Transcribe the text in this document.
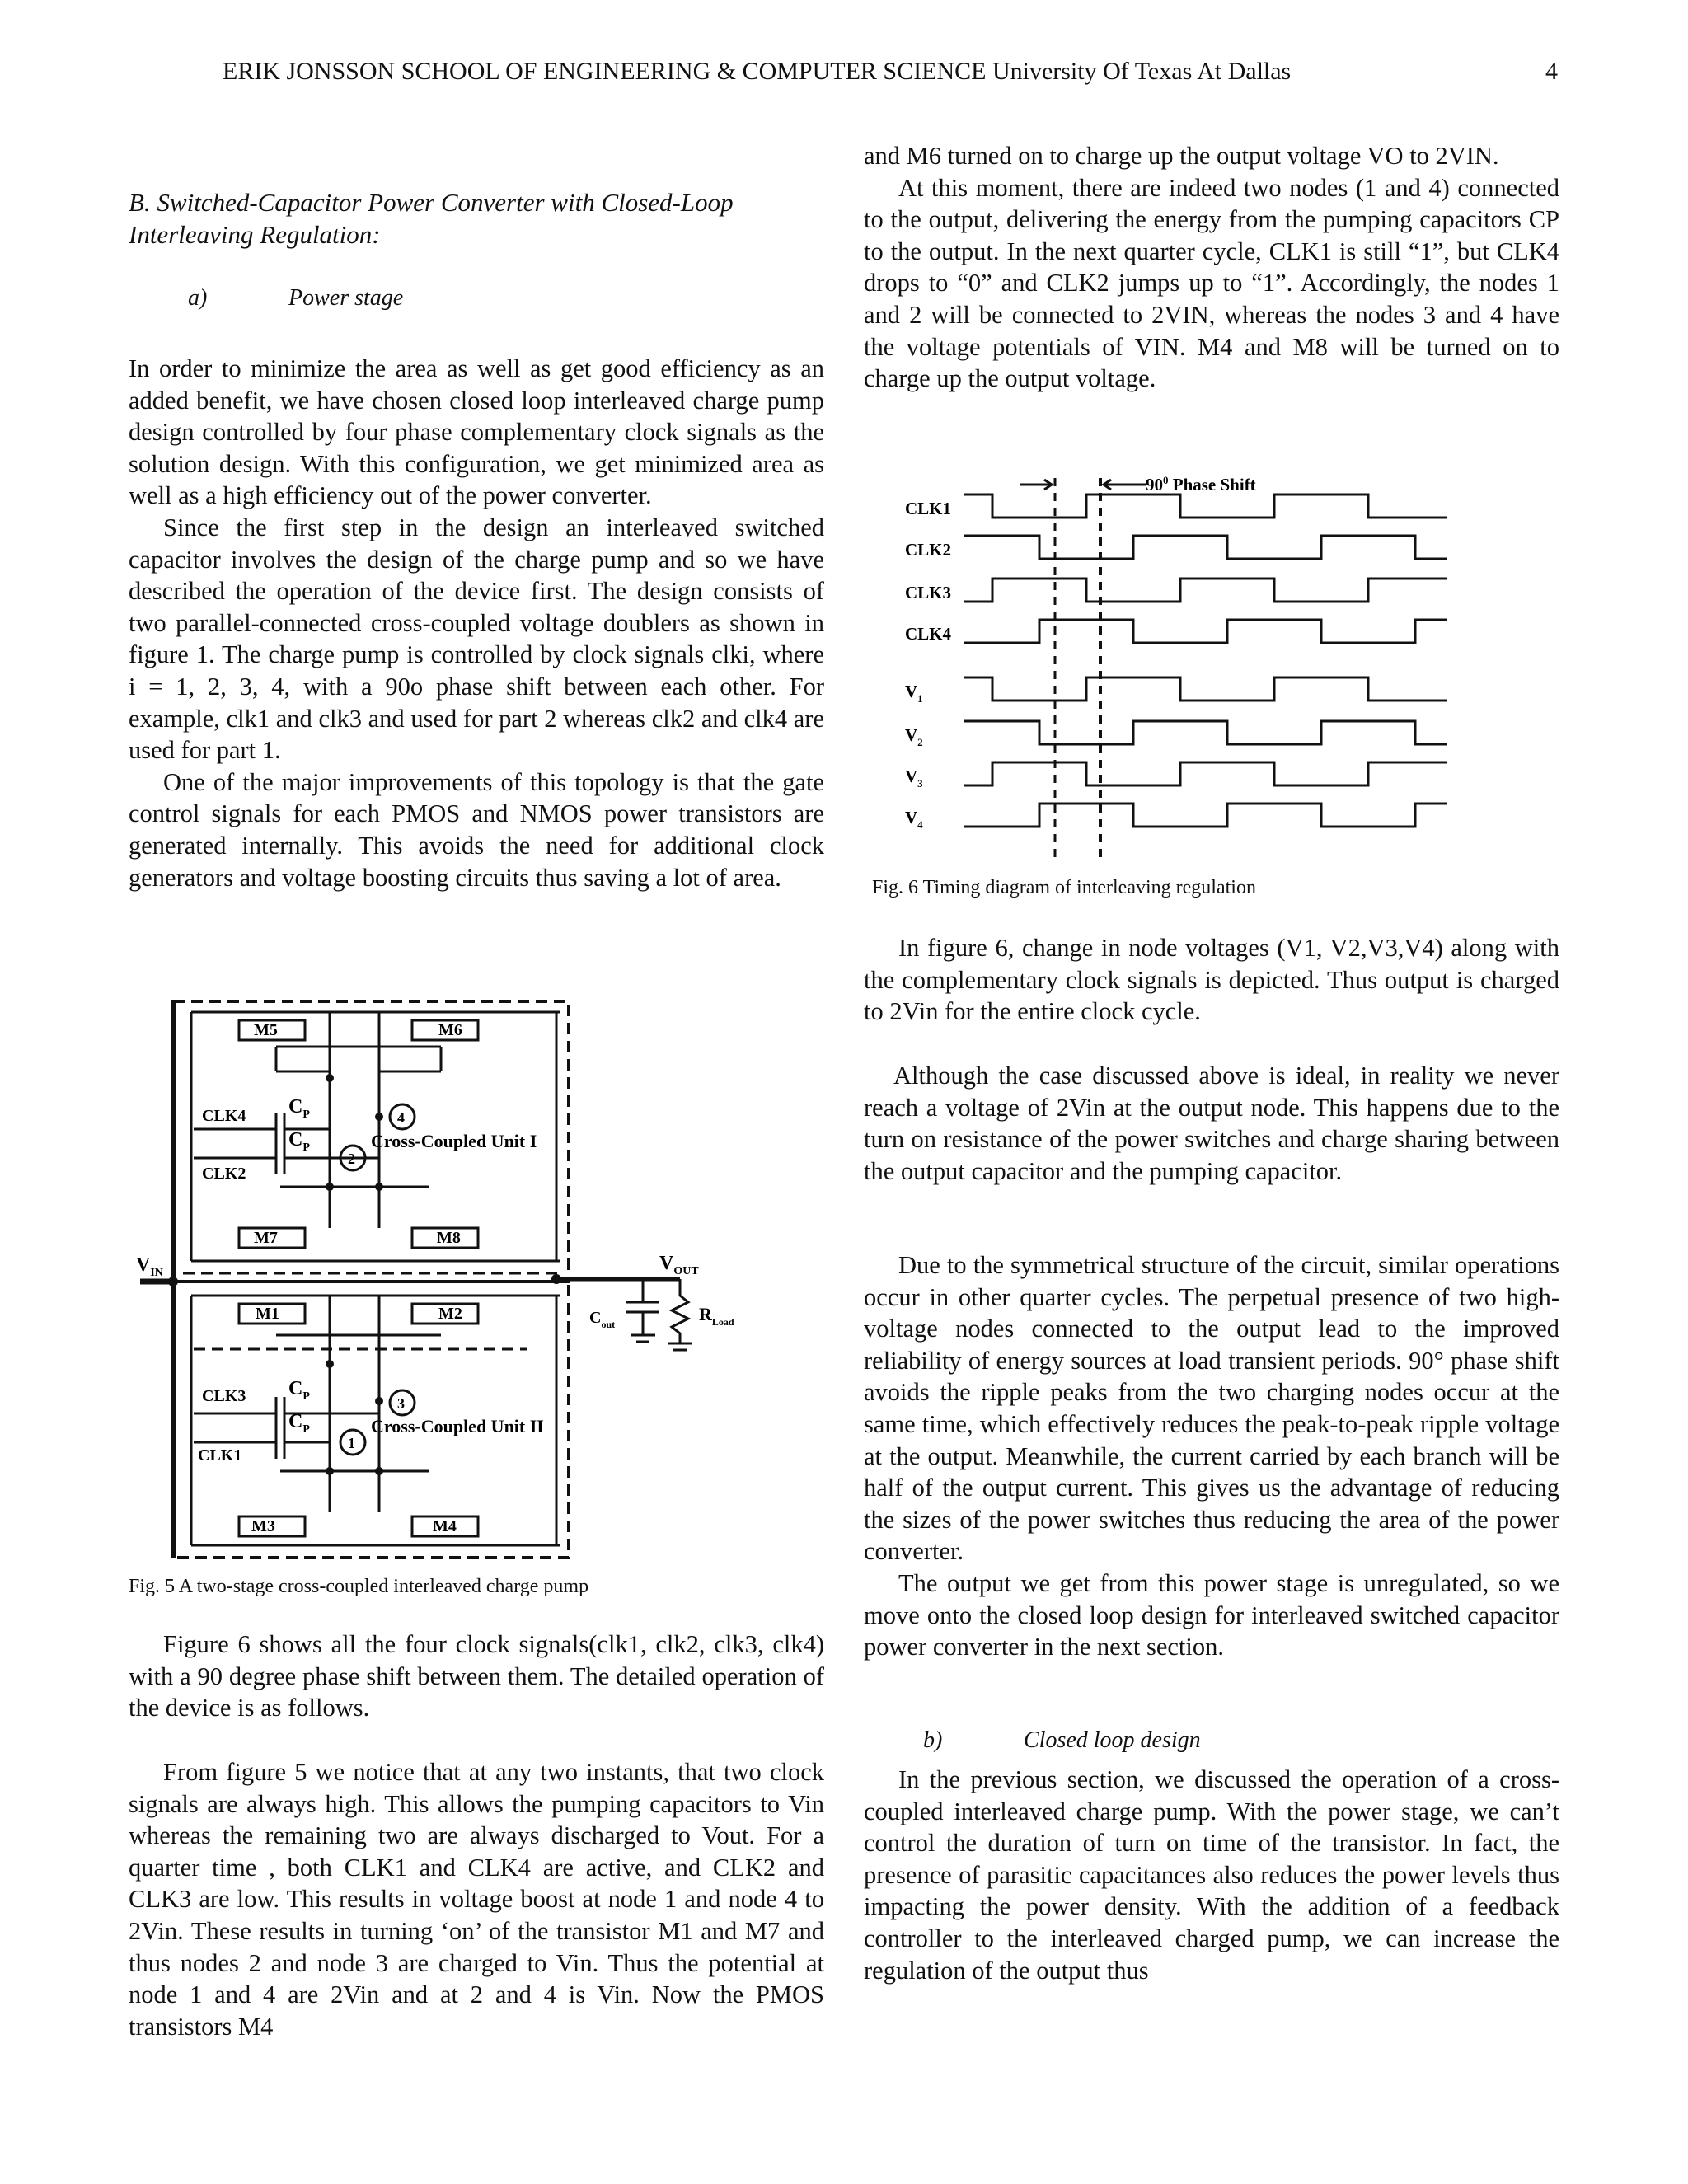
ERIK JONSSON SCHOOL OF ENGINEERING & COMPUTER SCIENCE University Of Texas At Dallas	4

B. Switched-Capacitor Power Converter with Closed-Loop

Interleaving Regulation:

a)	Power stage

In order to minimize the area as well as get good efficiency as an added benefit, we have chosen closed loop interleaved charge pump design controlled by four phase complementary clock signals as the solution design. With this configuration, we get minimized area as well as a high efficiency out of the power converter.

Since the first step in the design an interleaved switched capacitor involves the design of the charge pump and so we have described the operation of the device first. The design consists of two parallel-connected cross-coupled voltage doublers as shown in figure 1. The charge pump is controlled by clock signals clki, where i = 1, 2, 3, 4, with a 90o phase shift between each other. For example, clk1 and clk3 and used for part 2 whereas clk2 and clk4 are used for part 1.

One of the major improvements of this topology is that the gate control signals for each PMOS and NMOS power transistors are generated internally. This avoids the need for additional clock generators and voltage boosting circuits thus saving a lot of area.

M5	M6
M7	M8
M1	M2
M3	M4
CLK4
CLK2
CLK3
CLK1
$C_P$
$C_P$
$C_P$
$C_P$
Cross-Coupled Unit I
Cross-Coupled Unit II
4
2
3
1
$V_{IN}$	$V_{OUT}$
$C_{out}$	$R_{Load}$
Fig. 5 A two-stage cross-coupled interleaved charge pump

Figure 6 shows all the four clock signals(clk1, clk2, clk3, clk4) with a 90 degree phase shift between them. The detailed operation of the device is as follows.

From figure 5 we notice that at any two instants, that two clock signals are always high. This allows the pumping capacitors to Vin whereas the remaining two are always discharged to Vout. For a quarter time , both CLK1 and CLK4 are active, and CLK2 and CLK3 are low. This results in voltage boost at node 1 and node 4 to 2Vin. These results in turning ‘on’ of the transistor M1 and M7 and thus nodes 2 and node 3 are charged to Vin. Thus the potential at node 1 and 4 are 2Vin and at 2 and 4 is Vin. Now the PMOS transistors M4

and M6 turned on to charge up the output voltage VO to 2VIN.

At this moment, there are indeed two nodes (1 and 4) connected to the output, delivering the energy from the pumping capacitors CP to the output. In the next quarter cycle, CLK1 is still “1”, but CLK4 drops to “0” and CLK2 jumps up to “1”. Accordingly, the nodes 1 and 2 will be connected to 2VIN, whereas the nodes 3 and 4 have the voltage potentials of VIN. M4 and M8 will be turned on to charge up the output voltage.

CLK1
CLK2
CLK3
CLK4
$V_1$
$V_2$
$V_3$
$V_4$
$90^0$ Phase Shift
Fig. 6 Timing diagram of interleaving regulation

In figure 6, change in node voltages (V1, V2,V3,V4) along with the complementary clock signals is depicted. Thus output is charged to 2Vin for the entire clock cycle.

Although the case discussed above is ideal, in reality we never reach a voltage of 2Vin at the output node. This happens due to the turn on resistance of the power switches and charge sharing between the output capacitor and the pumping capacitor.

Due to the symmetrical structure of the circuit, similar operations occur in other quarter cycles. The perpetual presence of two high-voltage nodes connected to the output lead to the improved reliability of energy sources at load transient periods. 90° phase shift avoids the ripple peaks from the two charging nodes occur at the same time, which effectively reduces the peak-to-peak ripple voltage at the output. Meanwhile, the current carried by each branch will be half of the output current. This gives us the advantage of reducing the sizes of the power switches thus reducing the area of the power converter.

The output we get from this power stage is unregulated, so we move onto the closed loop design for interleaved switched capacitor power converter in the next section.

b)	Closed loop design

In the previous section, we discussed the operation of a cross-coupled interleaved charge pump. With the power stage, we can’t control the duration of turn on time of the transistor. In fact, the presence of parasitic capacitances also reduces the power levels thus impacting the power density. With the addition of a feedback controller to the interleaved charged pump, we can increase the regulation of the output thus
